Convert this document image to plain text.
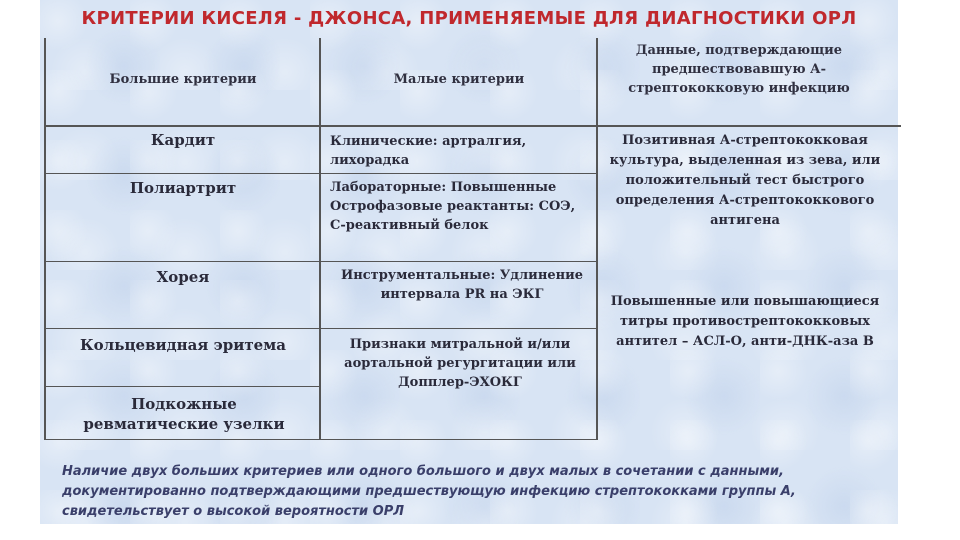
КРИТЕРИИ КИСЕЛЯ - ДЖОНСА, ПРИМЕНЯЕМЫЕ ДЛЯ ДИАГНОСТИКИ ОРЛ
Большие критерии	Малые критерии
Данные, подтверждающие предшествовавшую А-стрептококковую инфекцию
Кардит
Полиартрит
Хорея
Кольцевидная эритема
Подкожные ревматические узелки
Клинические: артралгия, лихорадка
Лабораторные: Повышенные Острофазовые реактанты: СОЭ, С-реактивный белок
Инструментальные: Удлинение интервала PR на ЭКГ
Признаки митральной и/или аортальной регургитации или Допплер-ЭХОКГ
Позитивная А-стрептококковая культура, выделенная из зева, или положительный тест быстрого определения А-стрептококкового антигена
Повышенные или повышающиеся титры противострептококковых антител – АСЛ-О, анти-ДНК-аза В
Наличие двух больших критериев или одного большого и двух малых в сочетании с данными, документированно подтверждающими предшествующую инфекцию стрептококками группы А, свидетельствует о высокой вероятности ОРЛ
